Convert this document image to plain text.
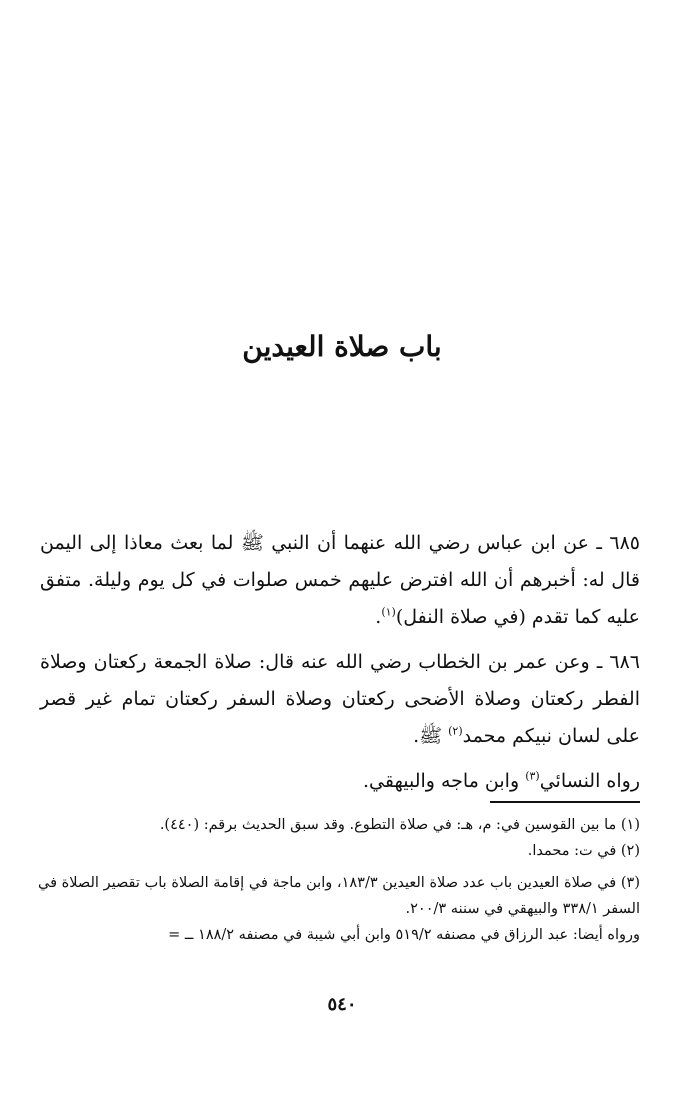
باب صلاة العيدين

٦٨٥ ـ عن ابن عباس رضي الله عنهما أن النبي ﷺ لما بعث معاذا إلى اليمن قال له: أخبرهم أن الله افترض عليهم خمس صلوات في كل يوم وليلة. متفق عليه كما تقدم (في صلاة النفل)$^{(١)}$.

٦٨٦ ـ وعن عمر بن الخطاب رضي الله عنه قال: صلاة الجمعة ركعتان وصلاة الفطر ركعتان وصلاة الأضحى ركعتان وصلاة السفر ركعتان تمام غير قصر على لسان نبيكم محمد$^{(٢)}$ ﷺ.

رواه النسائي$^{(٣)}$ وابن ماجه والبيهقي.

(١) ما بين القوسين في: م، هـ: في صلاة التطوع. وقد سبق الحديث برقم: (٤٤٠).

(٢) في ت: محمدا.

(٣) في صلاة العيدين باب عدد صلاة العيدين ١٨٣/٣، وابن ماجة في إقامة الصلاة باب تقصير الصلاة في السفر ٣٣٨/١ والبيهقي في سننه ٢٠٠/٣.

ورواه أيضا: عبد الرزاق في مصنفه ٥١٩/٢ وابن أبي شيبة في مصنفه ١٨٨/٢ ــ =

٥٤٠
